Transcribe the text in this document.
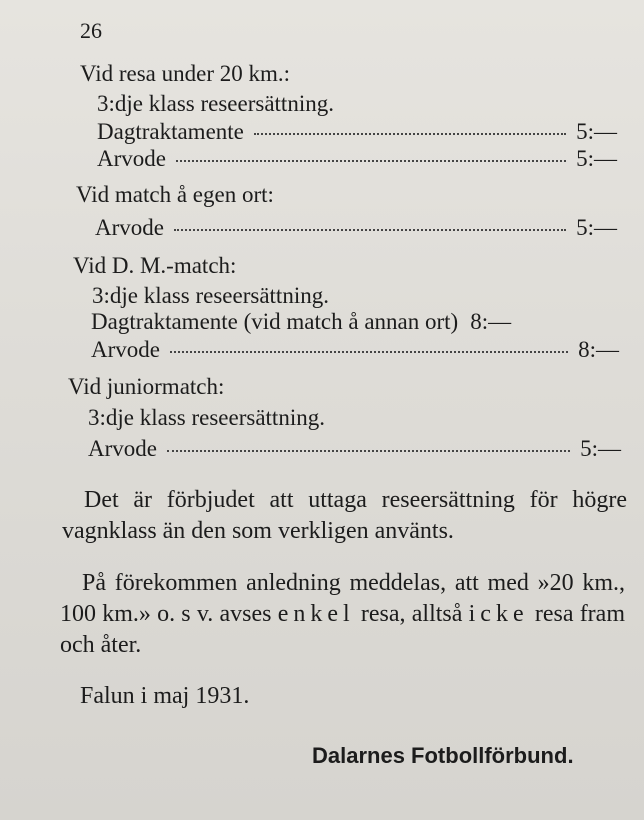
26
Vid resa under 20 km.:
3:dje klass reseersättning.
Dagtraktamente	5:—
Arvode	5:—
Vid match å egen ort:
Arvode	5:—
Vid D. M.-match:
3:dje klass reseersättning.
Dagtraktamente (vid match å annan ort) 8:—
Arvode	8:—
Vid juniormatch:
3:dje klass reseersättning.
Arvode	5:—
Det är förbjudet att uttaga reseersättning för högre vagnklass än den som verkligen använts.
På förekommen anledning meddelas, att med »20 km., 100 km.» o. s v. avses enkel resa, alltså icke resa fram och åter.
Falun i maj 1931.
Dalarnes Fotbollförbund.
